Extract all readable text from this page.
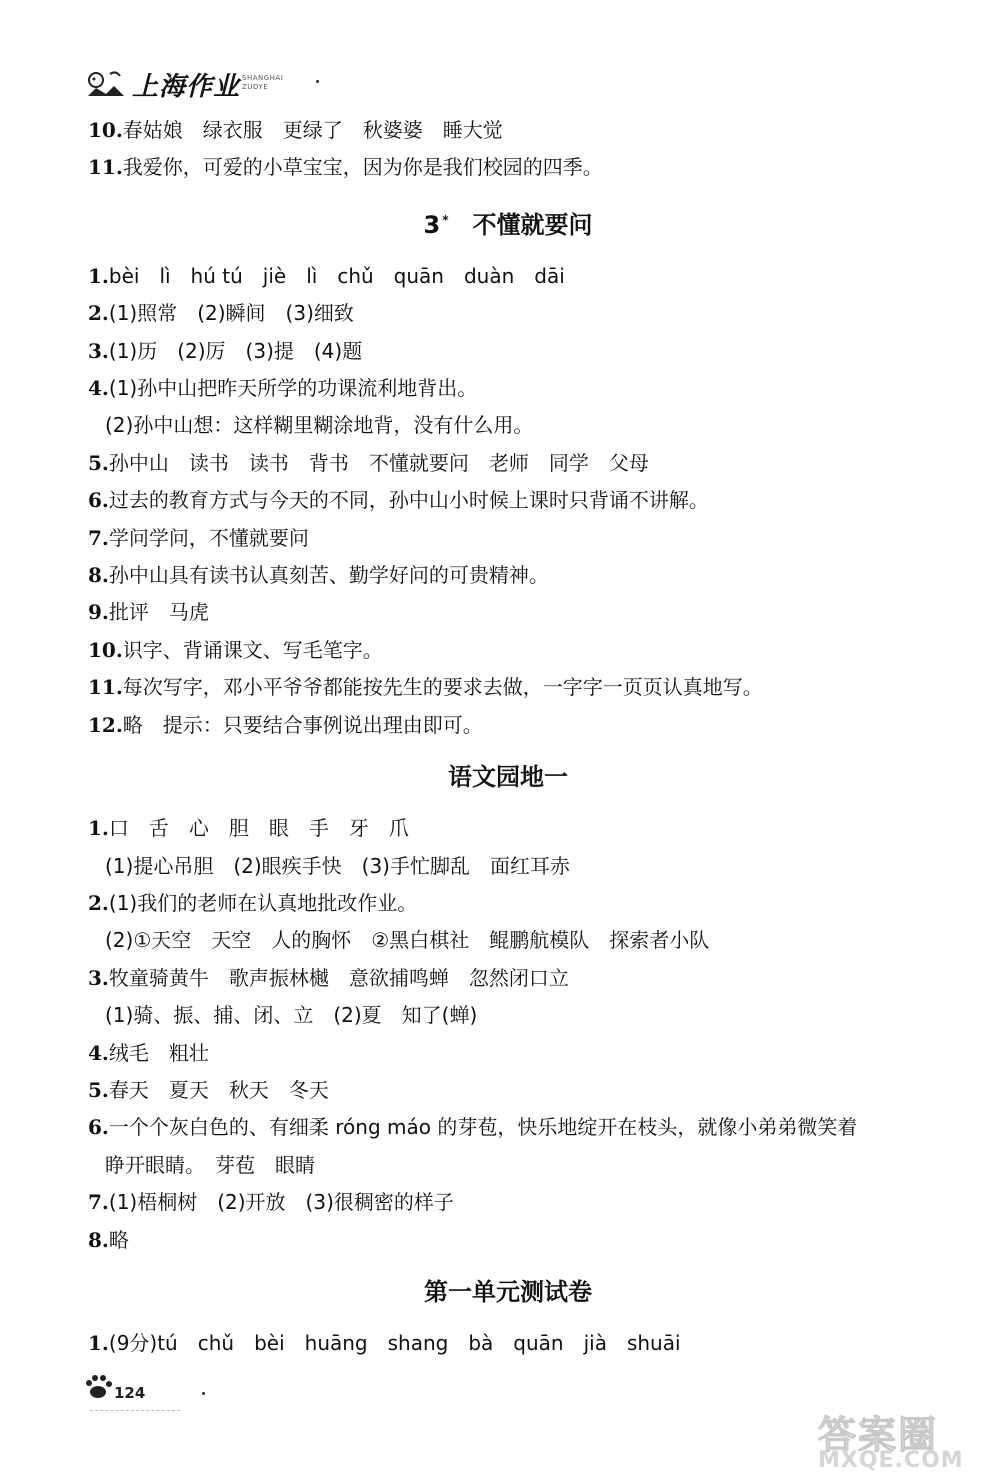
上海作业 SHANGHAI
ZUOYE
10.春姑娘　绿衣服　更绿了　秋婆婆　睡大觉
11.我爱你，可爱的小草宝宝，因为你是我们校园的四季。
3 * 不懂就要问
1.bèi　lì　hú tú　jiè　lì　chǔ　quān　duàn　dāi
2.(1)照常　(2)瞬间　(3)细致
3.(1)历　(2)厉　(3)提　(4)题
4.(1)孙中山把昨天所学的功课流利地背出。
(2)孙中山想：这样糊里糊涂地背，没有什么用。
5.孙中山　读书　读书　背书　不懂就要问　老师　同学　父母
6.过去的教育方式与今天的不同，孙中山小时候上课时只背诵不讲解。
7.学问学问，不懂就要问
8.孙中山具有读书认真刻苦、勤学好问的可贵精神。
9.批评　马虎
10.识字、背诵课文、写毛笔字。
11.每次写字，邓小平爷爷都能按先生的要求去做，一字字一页页认真地写。
12.略　提示：只要结合事例说出理由即可。
语文园地一
1.口　舌　心　胆　眼　手　牙　爪
(1)提心吊胆　(2)眼疾手快　(3)手忙脚乱　面红耳赤
2.(1)我们的老师在认真地批改作业。
(2)①天空　天空　人的胸怀　②黑白棋社　鲲鹏航模队　探索者小队
3.牧童骑黄牛　歌声振林樾　意欲捕鸣蝉　忽然闭口立
(1)骑、振、捕、闭、立　(2)夏　知了(蝉)
4.绒毛　粗壮
5.春天　夏天　秋天　冬天
6.一个个灰白色的、有细柔 róng máo 的芽苞，快乐地绽开在枝头，就像小弟弟微笑着
睁开眼睛。　芽苞　眼睛
7.(1)梧桐树　(2)开放　(3)很稠密的样子
8.略
第一单元测试卷
1.(9分)tú　chǔ　bèi　huāng　shang　bà　quān　jià　shuāi
124
答案圈
MXQE.COM
